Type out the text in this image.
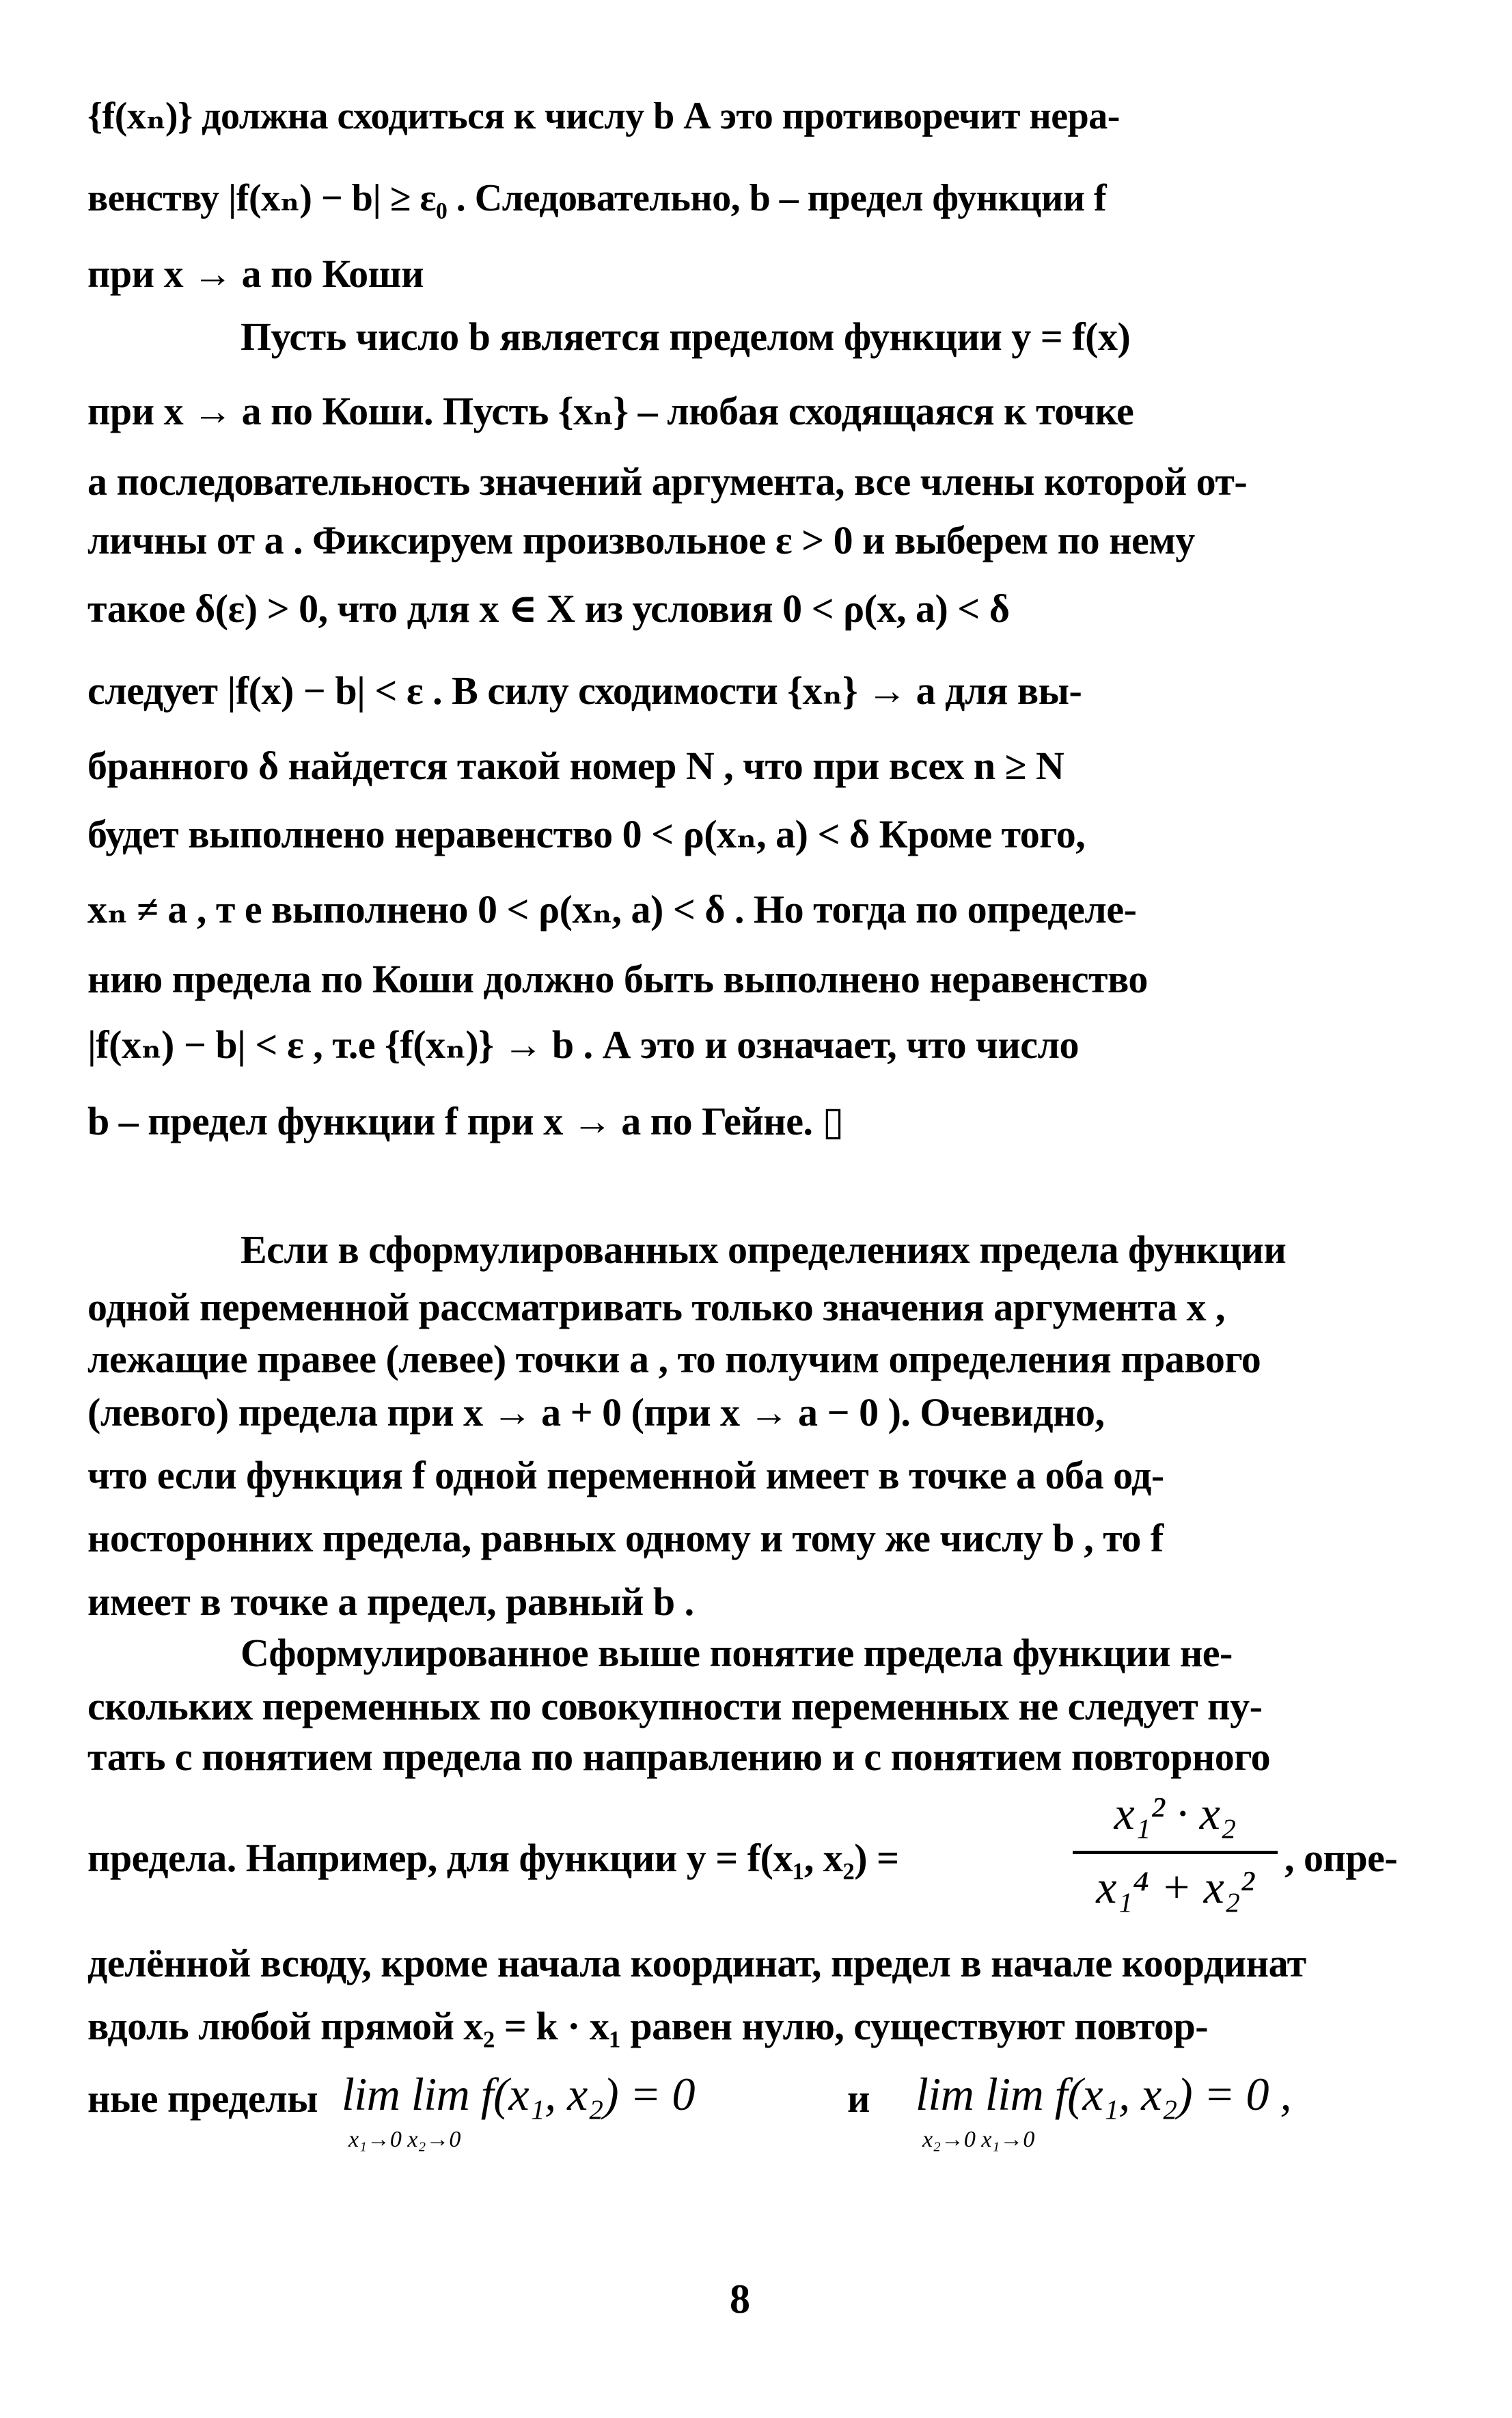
{f(xₙ)} должна сходиться к числу b А это противоречит нера-
венству |f(xₙ) − b| ≥ ε₀ . Следовательно, b – предел функции f
при x → a по Коши
Пусть число b является пределом функции y = f(x)
при x → a по Коши. Пусть {xₙ} – любая сходящаяся к точке
a последовательность значений аргумента, все члены которой от-
личны от a . Фиксируем произвольное ε > 0 и выберем по нему
такое δ(ε) > 0, что для x ∈ X из условия 0 < ρ(x, a) < δ
следует |f(x) − b| < ε . В силу сходимости {xₙ} → a для вы-
бранного δ найдется такой номер N , что при всех n ≥ N
будет выполнено неравенство 0 < ρ(xₙ, a) < δ Кроме того,
xₙ ≠ a , т е выполнено 0 < ρ(xₙ, a) < δ . Но тогда по определе-
нию предела по Коши должно быть выполнено неравенство
|f(xₙ) − b| < ε , т.е {f(xₙ)} → b . А это и означает, что число
b – предел функции f при x → a по Гейне. ▯
Если в сформулированных определениях предела функции
одной переменной рассматривать только значения аргумента x ,
лежащие правее (левее) точки a , то получим определения правого
(левого) предела при x → a + 0 (при x → a − 0 ). Очевидно,
что если функция f одной переменной имеет в точке a оба од-
носторонних предела, равных одному и тому же числу b , то f
имеет в точке a предел, равный b .
Сформулированное выше понятие предела функции не-
скольких переменных по совокупности переменных не следует пу-
тать с понятием предела по направлению и с понятием повторного
предела. Например, для функции y = f(x₁, x₂) =
x₁² · x₂
x₁⁴ + x₂²
, опре-
делённой всюду, кроме начала координат, предел в начале координат
вдоль любой прямой x₂ = k · x₁ равен нулю, существуют повтор-
ные пределы lim lim f(x₁, x₂) = 0
x₁→0 x₂→0
и lim lim f(x₁, x₂) = 0 ,
x₂→0 x₁→0
8
